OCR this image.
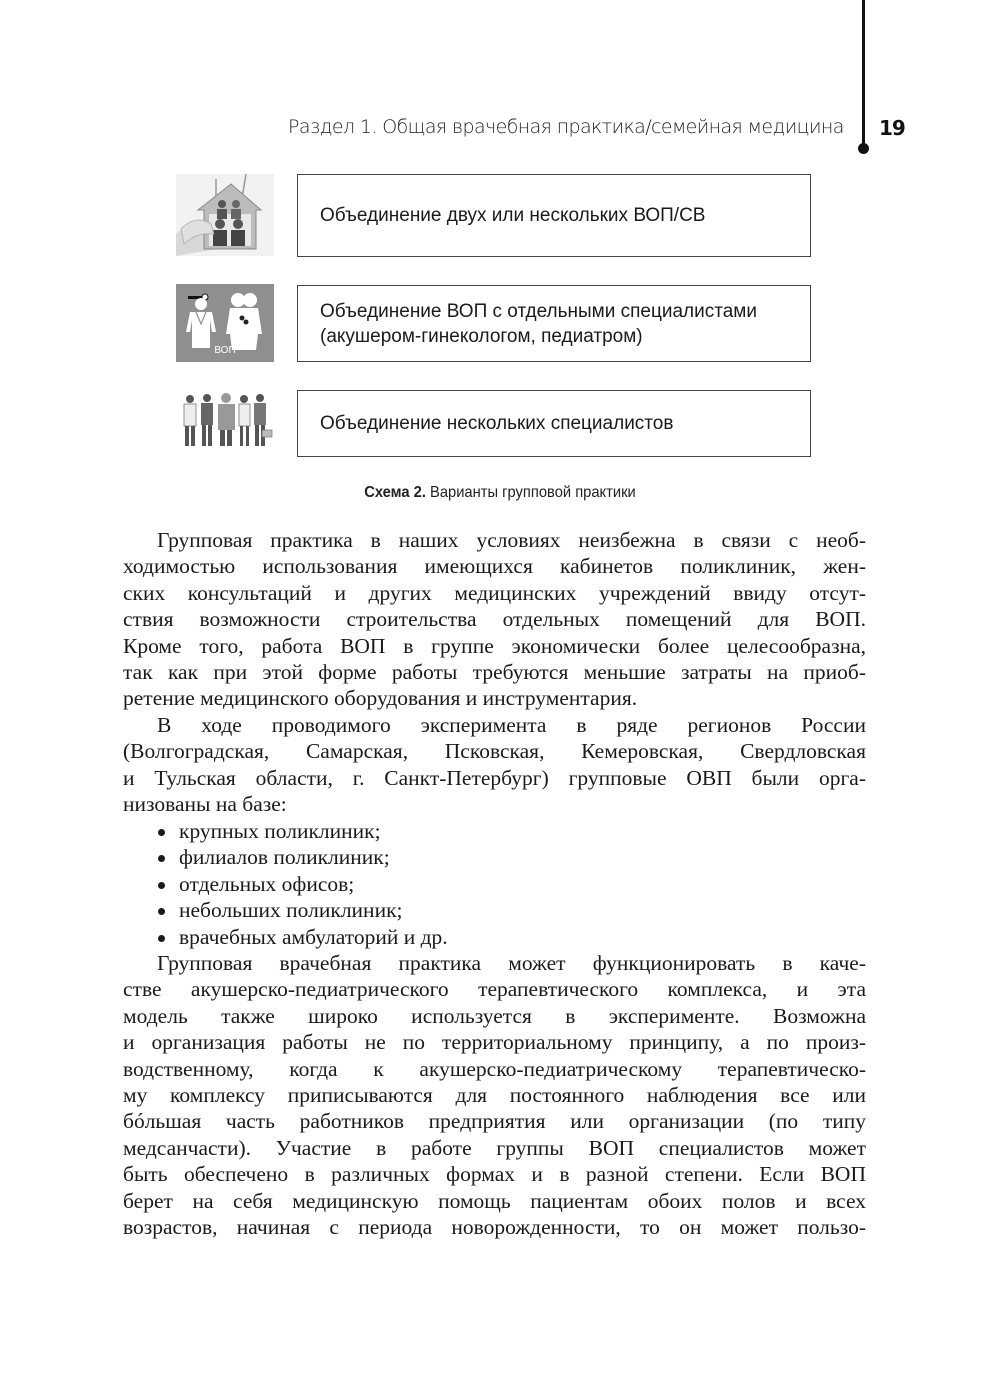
Раздел 1. Общая врачебная практика/семейная медицина 19
Объединение двух или нескольких ВОП/СВ
ВОП
Объединение ВОП с отдельными специалистами
(акушером-гинекологом, педиатром)
Объединение нескольких специалистов
Схема 2. Варианты групповой практики
Групповая практика в наших условиях неизбежна в связи с необ-
ходимостью использования имеющихся кабинетов поликлиник, жен-
ских консультаций и других медицинских учреждений ввиду отсут-
ствия возможности строительства отдельных помещений для ВОП.
Кроме того, работа ВОП в группе экономически более целесообразна,
так как при этой форме работы требуются меньшие затраты на приоб-
ретение медицинского оборудования и инструментария.
В ходе проводимого эксперимента в ряде регионов России
(Волгоградская, Самарская, Псковская, Кемеровская, Свердловская
и Тульская области, г. Санкт-Петербург) групповые ОВП были орга-
низованы на базе:
крупных поликлиник;
филиалов поликлиник;
отдельных офисов;
небольших поликлиник;
врачебных амбулаторий и др.
Групповая врачебная практика может функционировать в каче-
стве акушерско-педиатрического терапевтического комплекса, и эта
модель также широко используется в эксперименте. Возможна
и организация работы не по территориальному принципу, а по произ-
водственному, когда к акушерско-педиатрическому терапевтическо-
му комплексу приписываются для постоянного наблюдения все или
бóльшая часть работников предприятия или организации (по типу
медсанчасти). Участие в работе группы ВОП специалистов может
быть обеспечено в различных формах и в разной степени. Если ВОП
берет на себя медицинскую помощь пациентам обоих полов и всех
возрастов, начиная с периода новорожденности, то он может пользо-
